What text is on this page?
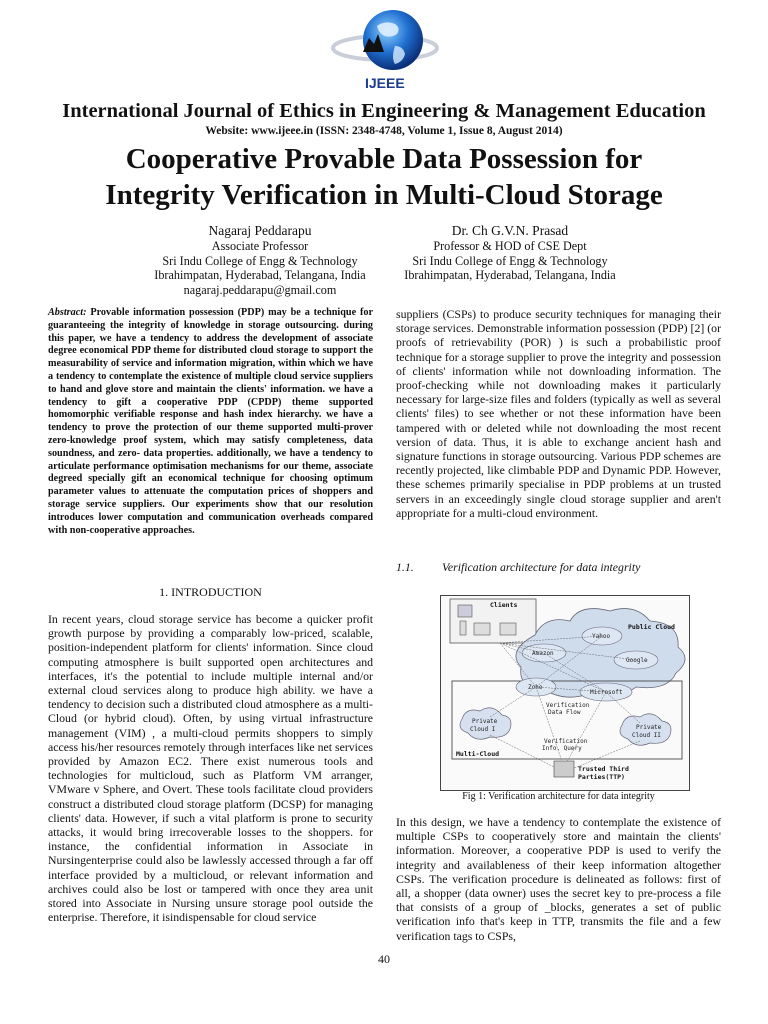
IJEEE
International Journal of Ethics in Engineering & Management Education
Website: www.ijeee.in (ISSN: 2348-4748, Volume 1, Issue 8, August 2014)
Cooperative Provable Data Possession for
Integrity Verification in Multi-Cloud Storage
Nagaraj Peddarapu
Associate Professor
Sri Indu College of Engg & Technology
Ibrahimpatan, Hyderabad, Telangana, India
nagaraj.peddarapu@gmail.com
Dr. Ch G.V.N. Prasad
Professor & HOD of CSE Dept
Sri Indu College of Engg & Technology
Ibrahimpatan, Hyderabad, Telangana, India
Abstract: Provable information possession (PDP) may be a technique for guaranteeing the integrity of knowledge in storage outsourcing. during this paper, we have a tendency to address the development of associate degree economical PDP theme for distributed cloud storage to support the measurability of service and information migration, within which we have a tendency to contemplate the existence of multiple cloud service suppliers to hand and glove store and maintain the clients' information. we have a tendency to gift a cooperative PDP (CPDP) theme supported homomorphic verifiable response and hash index hierarchy. we have a tendency to prove the protection of our theme supported multi-prover zero-knowledge proof system, which may satisfy completeness, data soundness, and zero- data properties. additionally, we have a tendency to articulate performance optimisation mechanisms for our theme, associate degreed specially gift an economical technique for choosing optimum parameter values to attenuate the computation prices of shoppers and storage service suppliers. Our experiments show that our resolution introduces lower computation and communication overheads compared with non-cooperative approaches.
1. INTRODUCTION
In recent years, cloud storage service has become a quicker profit growth purpose by providing a comparably low-priced, scalable, position-independent platform for clients' information. Since cloud computing atmosphere is built supported open architectures and interfaces, it's the potential to include multiple internal and/or external cloud services along to produce high ability. we have a tendency to decision such a distributed cloud atmosphere as a multi-Cloud (or hybrid cloud). Often, by using virtual infrastructure management (VIM) , a multi-cloud permits shoppers to simply access his/her resources remotely through interfaces like net services provided by Amazon EC2. There exist numerous tools and technologies for multicloud, such as Platform VM arranger, VMware v Sphere, and Overt. These tools facilitate cloud providers construct a distributed cloud storage platform (DCSP) for managing clients' data. However, if such a vital platform is prone to security attacks, it would bring irrecoverable losses to the shoppers. for instance, the confidential information in Associate in Nursingenterprise could also be lawlessly accessed through a far off interface provided by a multicloud, or relevant information and archives could also be lost or tampered with once they area unit stored into Associate in Nursing unsure storage pool outside the enterprise. Therefore, it isindispensable for cloud service
suppliers (CSPs) to produce security techniques for managing their storage services. Demonstrable information possession (PDP) [2] (or proofs of retrievability (POR) ) is such a probabilistic proof technique for a storage supplier to prove the integrity and possession of clients' information while not downloading information. The proof-checking while not downloading makes it particularly necessary for large-size files and folders (typically as well as several clients' files) to see whether or not these information have been tampered with or deleted while not downloading the most recent version of data. Thus, it is able to exchange ancient hash and signature functions in storage outsourcing. Various PDP schemes are recently projected, like climbable PDP and Dynamic PDP. However, these schemes primarily specialise in PDP problems at un trusted servers in an exceedingly single cloud storage supplier and aren't appropriate for a multi-cloud environment.
1.1. Verification architecture for data integrity
Clients
Public Cloud
Yahoo
Amazon
Google
Multi-Cloud
Zoho
Microsoft
Private
Cloud I	Private
Cloud II
Verification
Data Flow
Verification
Info. Query
Trusted Third
Parties(TTP)
Fig 1: Verification architecture for data integrity
In this design, we have a tendency to contemplate the existence of multiple CSPs to cooperatively store and maintain the clients' information. Moreover, a cooperative PDP is used to verify the integrity and availableness of their keep information altogether CSPs. The verification procedure is delineated as follows: first of all, a shopper (data owner) uses the secret key to pre-process a file that consists of a group of _blocks, generates a set of public verification info that's keep in TTP, transmits the file and a few verification tags to CSPs,
40
